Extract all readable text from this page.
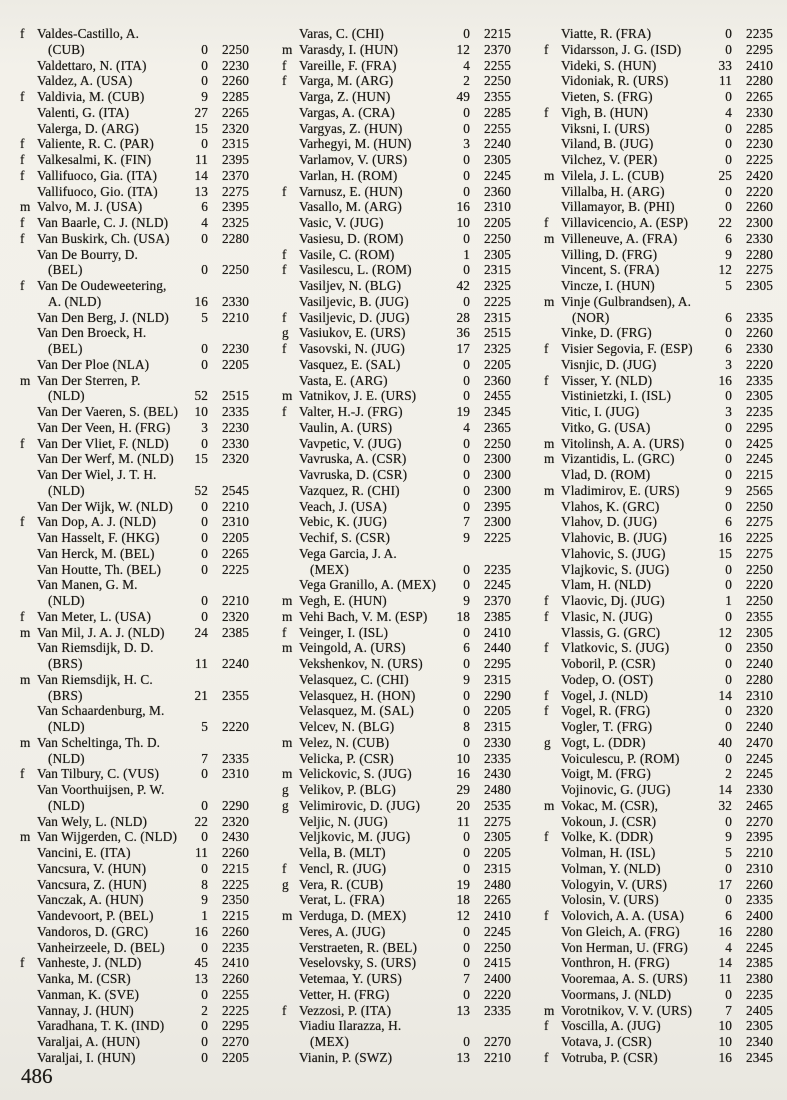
f Valdes-Castillo, A.
(CUB)	0	2250
Valdettaro, N. (ITA)	0	2230
Valdez, A. (USA)	0	2260
f Valdivia, M. (CUB)	9	2285
Valenti, G. (ITA)	27	2265
Valerga, D. (ARG)	15	2320
f Valiente, R. C. (PAR)	0	2315
f Valkesalmi, K. (FIN)	11	2395
f Vallifuoco, Gia. (ITA)	14	2370
Vallifuoco, Gio. (ITA)	13	2275
m Valvo, M. J. (USA)	6	2395
f Van Baarle, C. J. (NLD)	4	2325
f Van Buskirk, Ch. (USA)	0	2280
Van De Bourry, D.
(BEL)	0	2250
f Van De Oudeweetering,
A. (NLD)	16	2330
Van Den Berg, J. (NLD)	5	2210
Van Den Broeck, H.
(BEL)	0	2230
Van Der Ploe (NLA)	0	2205
m Van Der Sterren, P.
(NLD)	52	2515
Van Der Vaeren, S. (BEL)	10	2335
Van Der Veen, H. (FRG)	3	2230
f Van Der Vliet, F. (NLD)	0	2330
Van Der Werf, M. (NLD)	15	2320
Van Der Wiel, J. T. H.
(NLD)	52	2545
Van Der Wijk, W. (NLD)	0	2210
f Van Dop, A. J. (NLD)	0	2310
Van Hasselt, F. (HKG)	0	2205
Van Herck, M. (BEL)	0	2265
Van Houtte, Th. (BEL)	0	2225
Van Manen, G. M.
(NLD)	0	2210
f Van Meter, L. (USA)	0	2320
m Van Mil, J. A. J. (NLD)	24	2385
Van Riemsdijk, D. D.
(BRS)	11	2240
m Van Riemsdijk, H. C.
(BRS)	21	2355
Van Schaardenburg, M.
(NLD)	5	2220
m Van Scheltinga, Th. D.
(NLD)	7	2335
f Van Tilbury, C. (VUS)	0	2310
Van Voorthuijsen, P. W.
(NLD)	0	2290
Van Wely, L. (NLD)	22	2320
m Van Wijgerden, C. (NLD)	0	2430
Vancini, E. (ITA)	11	2260
Vancsura, V. (HUN)	0	2215
Vancsura, Z. (HUN)	8	2225
Vanczak, A. (HUN)	9	2350
Vandevoort, P. (BEL)	1	2215
Vandoros, D. (GRC)	16	2260
Vanheirzeele, D. (BEL)	0	2235
f Vanheste, J. (NLD)	45	2410
Vanka, M. (CSR)	13	2260
Vanman, K. (SVE)	0	2255
Vannay, J. (HUN)	2	2225
Varadhana, T. K. (IND)	0	2295
Varaljai, A. (HUN)	0	2270
Varaljai, I. (HUN)	0	2205
Varas, C. (CHI)	0	2215
m Varasdy, I. (HUN)	12	2370
f Vareille, F. (FRA)	4	2255
f Varga, M. (ARG)	2	2250
Varga, Z. (HUN)	49	2355
Vargas, A. (CRA)	0	2285
Vargyas, Z. (HUN)	0	2255
Varhegyi, M. (HUN)	3	2240
Varlamov, V. (URS)	0	2305
Varlan, H. (ROM)	0	2245
f Varnusz, E. (HUN)	0	2360
Vasallo, M. (ARG)	16	2310
Vasic, V. (JUG)	10	2205
Vasiesu, D. (ROM)	0	2250
f Vasile, C. (ROM)	1	2305
f Vasilescu, L. (ROM)	0	2315
Vasiljev, N. (BLG)	42	2325
Vasiljevic, B. (JUG)	0	2225
f Vasiljevic, D. (JUG)	28	2315
g Vasiukov, E. (URS)	36	2515
f Vasovski, N. (JUG)	17	2325
Vasquez, E. (SAL)	0	2205
Vasta, E. (ARG)	0	2360
m Vatnikov, J. E. (URS)	0	2455
f Valter, H.-J. (FRG)	19	2345
Vaulin, A. (URS)	4	2365
Vavpetic, V. (JUG)	0	2250
Vavruska, A. (CSR)	0	2300
Vavruska, D. (CSR)	0	2300
Vazquez, R. (CHI)	0	2300
Veach, J. (USA)	0	2395
Vebic, K. (JUG)	7	2300
Vechif, S. (CSR)	9	2225
Vega Garcia, J. A.
(MEX)	0	2235
Vega Granillo, A. (MEX)	0	2245
m Vegh, E. (HUN)	9	2370
m Vehi Bach, V. M. (ESP)	18	2385
f Veinger, I. (ISL)	0	2410
m Veingold, A. (URS)	6	2440
Vekshenkov, N. (URS)	0	2295
Velasquez, C. (CHI)	9	2315
Velasquez, H. (HON)	0	2290
Velasquez, M. (SAL)	0	2205
Velcev, N. (BLG)	8	2315
m Velez, N. (CUB)	0	2330
Velicka, P. (CSR)	10	2335
m Velickovic, S. (JUG)	16	2430
g Velikov, P. (BLG)	29	2480
g Velimirovic, D. (JUG)	20	2535
Veljic, N. (JUG)	11	2275
Veljkovic, M. (JUG)	0	2305
Vella, B. (MLT)	0	2205
f Vencl, R. (JUG)	0	2315
g Vera, R. (CUB)	19	2480
Verat, L. (FRA)	18	2265
m Verduga, D. (MEX)	12	2410
Veres, A. (JUG)	0	2245
Verstraeten, R. (BEL)	0	2250
Veselovsky, S. (URS)	0	2415
Vetemaa, Y. (URS)	7	2400
Vetter, H. (FRG)	0	2220
f Vezzosi, P. (ITA)	13	2335
Viadiu Ilarazza, H.
(MEX)	0	2270
Vianin, P. (SWZ)	13	2210
Viatte, R. (FRA)	0	2235
f Vidarsson, J. G. (ISD)	0	2295
Videki, S. (HUN)	33	2410
Vidoniak, R. (URS)	11	2280
Vieten, S. (FRG)	0	2265
f Vigh, B. (HUN)	4	2330
Viksni, I. (URS)	0	2285
Viland, B. (JUG)	0	2230
Vilchez, V. (PER)	0	2225
m Vilela, J. L. (CUB)	25	2420
Villalba, H. (ARG)	0	2220
Villamayor, B. (PHI)	0	2260
f Villavicencio, A. (ESP)	22	2300
m Villeneuve, A. (FRA)	6	2330
Villing, D. (FRG)	9	2280
Vincent, S. (FRA)	12	2275
Vincze, I. (HUN)	5	2305
m Vinje (Gulbrandsen), A.
(NOR)	6	2335
Vinke, D. (FRG)	0	2260
f Visier Segovia, F. (ESP)	6	2330
Visnjic, D. (JUG)	3	2220
f Visser, Y. (NLD)	16	2335
Vistinietzki, I. (ISL)	0	2305
Vitic, I. (JUG)	3	2235
Vitko, G. (USA)	0	2295
m Vitolinsh, A. A. (URS)	0	2425
m Vizantidis, L. (GRC)	0	2245
Vlad, D. (ROM)	0	2215
m Vladimirov, E. (URS)	9	2565
Vlahos, K. (GRC)	0	2250
Vlahov, D. (JUG)	6	2275
Vlahovic, B. (JUG)	16	2225
Vlahovic, S. (JUG)	15	2275
Vlajkovic, S. (JUG)	0	2250
Vlam, H. (NLD)	0	2220
f Vlaovic, Dj. (JUG)	1	2250
f Vlasic, N. (JUG)	0	2355
Vlassis, G. (GRC)	12	2305
f Vlatkovic, S. (JUG)	0	2350
Voboril, P. (CSR)	0	2240
Vodep, O. (OST)	0	2280
f Vogel, J. (NLD)	14	2310
f Vogel, R. (FRG)	0	2320
Vogler, T. (FRG)	0	2240
g Vogt, L. (DDR)	40	2470
Voiculescu, P. (ROM)	0	2245
Voigt, M. (FRG)	2	2245
Vojinovic, G. (JUG)	14	2330
m Vokac, M. (CSR),	32	2465
Vokoun, J. (CSR)	0	2270
f Volke, K. (DDR)	9	2395
Volman, H. (ISL)	5	2210
Volman, Y. (NLD)	0	2310
Vologyin, V. (URS)	17	2260
Volosin, V. (URS)	0	2335
f Volovich, A. A. (USA)	6	2400
Von Gleich, A. (FRG)	16	2280
Von Herman, U. (FRG)	4	2245
Vonthron, H. (FRG)	14	2385
Vooremaa, A. S. (URS)	11	2380
Voormans, J. (NLD)	0	2235
m Vorotnikov, V. V. (URS)	7	2405
f Voscilla, A. (JUG)	10	2305
Votava, J. (CSR)	10	2340
f Votruba, P. (CSR)	16	2345
486
